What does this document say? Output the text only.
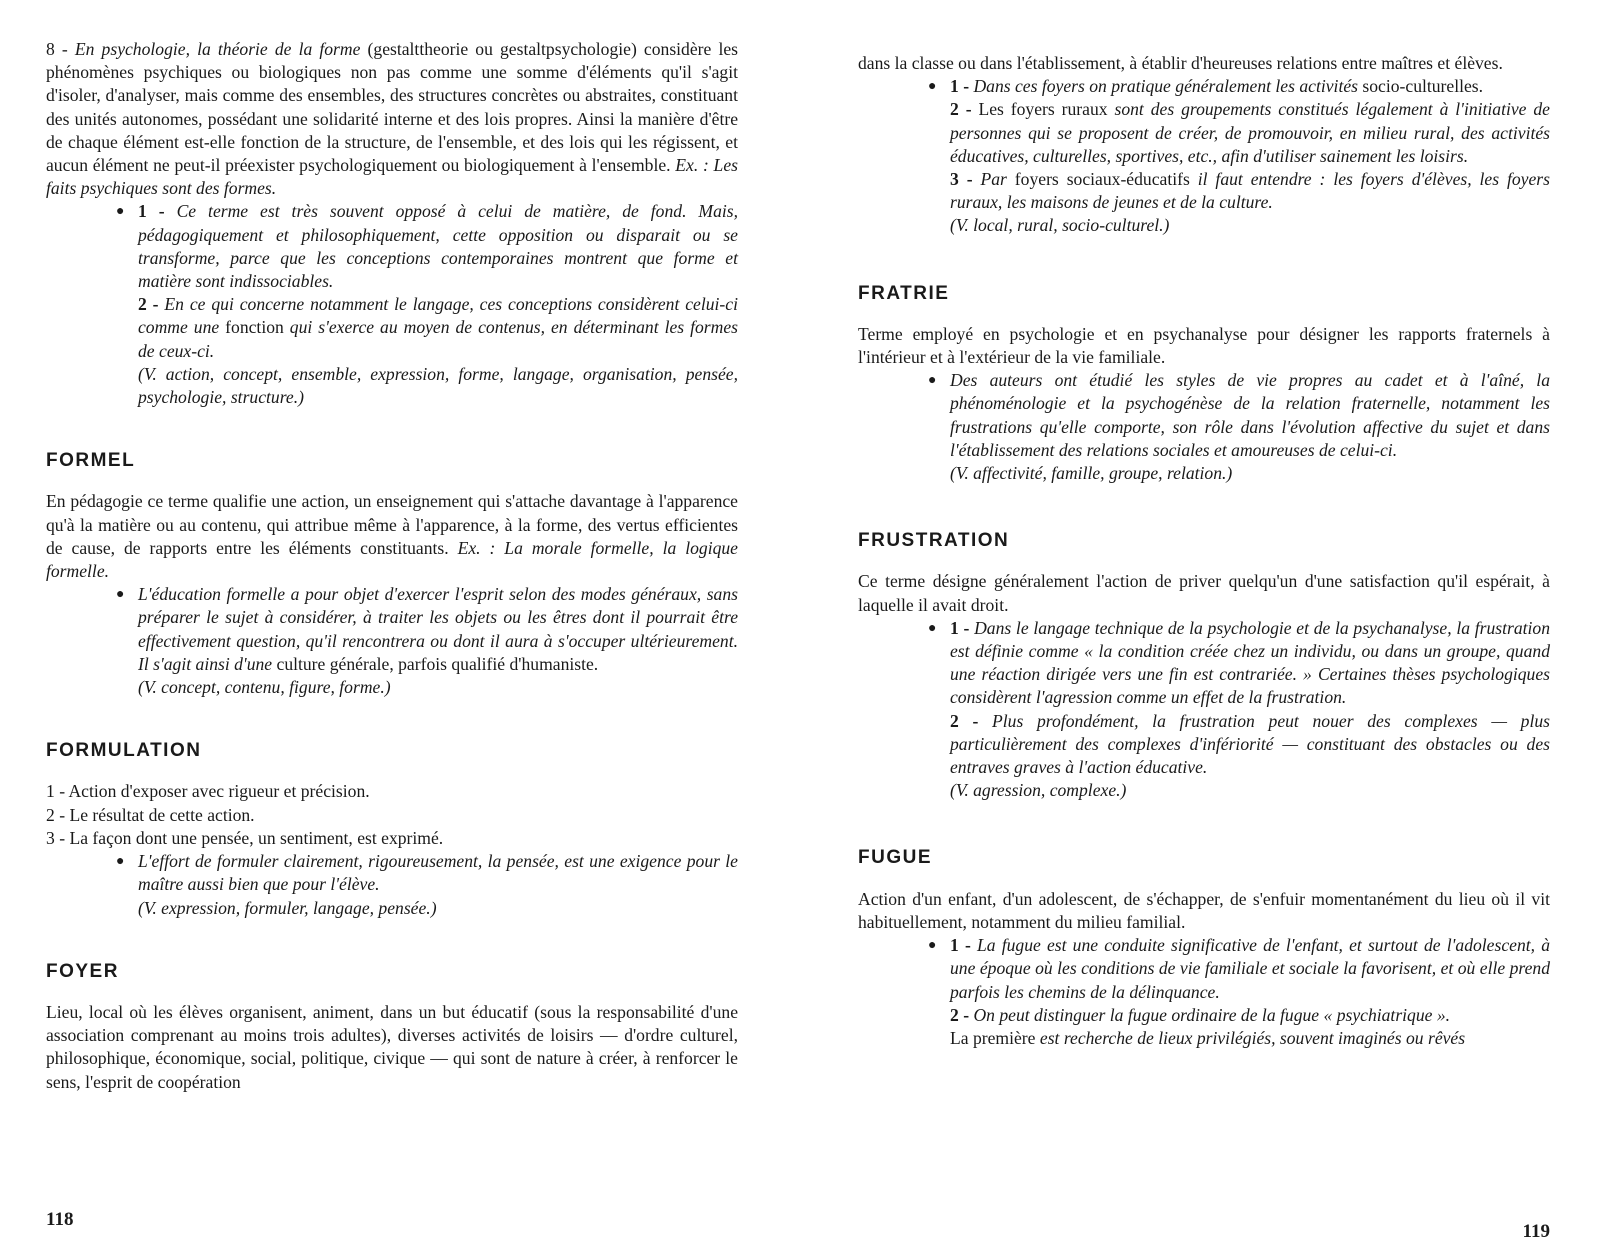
8 - En psychologie, la théorie de la forme (gestalttheorie ou gestaltpsychologie) considère les phénomènes psychiques ou biologiques non pas comme une somme d'éléments qu'il s'agit d'isoler, d'analyser, mais comme des ensembles, des structures concrètes ou abstraites, constituant des unités autonomes, possédant une solidarité interne et des lois propres. Ainsi la manière d'être de chaque élément est-elle fonction de la structure, de l'ensemble, et des lois qui les régissent, et aucun élément ne peut-il préexister psychologiquement ou biologiquement à l'ensemble. Ex. : Les faits psychiques sont des formes.

● 1 - Ce terme est très souvent opposé à celui de matière, de fond. Mais, pédagogiquement et philosophiquement, cette opposition ou disparait ou se transforme, parce que les conceptions contemporaines montrent que forme et matière sont indissociables.

2 - En ce qui concerne notamment le langage, ces conceptions considèrent celui-ci comme une fonction qui s'exerce au moyen de contenus, en déterminant les formes de ceux-ci.

(V. action, concept, ensemble, expression, forme, langage, organisation, pensée, psychologie, structure.)

FORMEL

En pédagogie ce terme qualifie une action, un enseignement qui s'attache davantage à l'apparence qu'à la matière ou au contenu, qui attribue même à l'apparence, à la forme, des vertus efficientes de cause, de rapports entre les éléments constituants. Ex. : La morale formelle, la logique formelle.

● L'éducation formelle a pour objet d'exercer l'esprit selon des modes généraux, sans préparer le sujet à considérer, à traiter les objets ou les êtres dont il pourrait être effectivement question, qu'il rencontrera ou dont il aura à s'occuper ultérieurement. Il s'agit ainsi d'une culture générale, parfois qualifié d'humaniste.

(V. concept, contenu, figure, forme.)

FORMULATION

1 - Action d'exposer avec rigueur et précision.

2 - Le résultat de cette action.

3 - La façon dont une pensée, un sentiment, est exprimé.

● L'effort de formuler clairement, rigoureusement, la pensée, est une exigence pour le maître aussi bien que pour l'élève.

(V. expression, formuler, langage, pensée.)

FOYER

Lieu, local où les élèves organisent, animent, dans un but éducatif (sous la responsabilité d'une association comprenant au moins trois adultes), diverses activités de loisirs — d'ordre culturel, philosophique, économique, social, politique, civique — qui sont de nature à créer, à renforcer le sens, l'esprit de coopération

118

dans la classe ou dans l'établissement, à établir d'heureuses relations entre maîtres et élèves.

● 1 - Dans ces foyers on pratique généralement les activités socio-culturelles.

2 - Les foyers ruraux sont des groupements constitués légalement à l'initiative de personnes qui se proposent de créer, de promouvoir, en milieu rural, des activités éducatives, culturelles, sportives, etc., afin d'utiliser sainement les loisirs.

3 - Par foyers sociaux-éducatifs il faut entendre : les foyers d'élèves, les foyers ruraux, les maisons de jeunes et de la culture.

(V. local, rural, socio-culturel.)

FRATRIE

Terme employé en psychologie et en psychanalyse pour désigner les rapports fraternels à l'intérieur et à l'extérieur de la vie familiale.

● Des auteurs ont étudié les styles de vie propres au cadet et à l'aîné, la phénoménologie et la psychogénèse de la relation fraternelle, notamment les frustrations qu'elle comporte, son rôle dans l'évolution affective du sujet et dans l'établissement des relations sociales et amoureuses de celui-ci.

(V. affectivité, famille, groupe, relation.)

FRUSTRATION

Ce terme désigne généralement l'action de priver quelqu'un d'une satisfaction qu'il espérait, à laquelle il avait droit.

● 1 - Dans le langage technique de la psychologie et de la psychanalyse, la frustration est définie comme « la condition créée chez un individu, ou dans un groupe, quand une réaction dirigée vers une fin est contrariée. » Certaines thèses psychologiques considèrent l'agression comme un effet de la frustration.

2 - Plus profondément, la frustration peut nouer des complexes — plus particulièrement des complexes d'infériorité — constituant des obstacles ou des entraves graves à l'action éducative.

(V. agression, complexe.)

FUGUE

Action d'un enfant, d'un adolescent, de s'échapper, de s'enfuir momentanément du lieu où il vit habituellement, notamment du milieu familial.

● 1 - La fugue est une conduite significative de l'enfant, et surtout de l'adolescent, à une époque où les conditions de vie familiale et sociale la favorisent, et où elle prend parfois les chemins de la délinquance.

2 - On peut distinguer la fugue ordinaire de la fugue « psychiatrique ».

La première est recherche de lieux privilégiés, souvent imaginés ou rêvés

119
